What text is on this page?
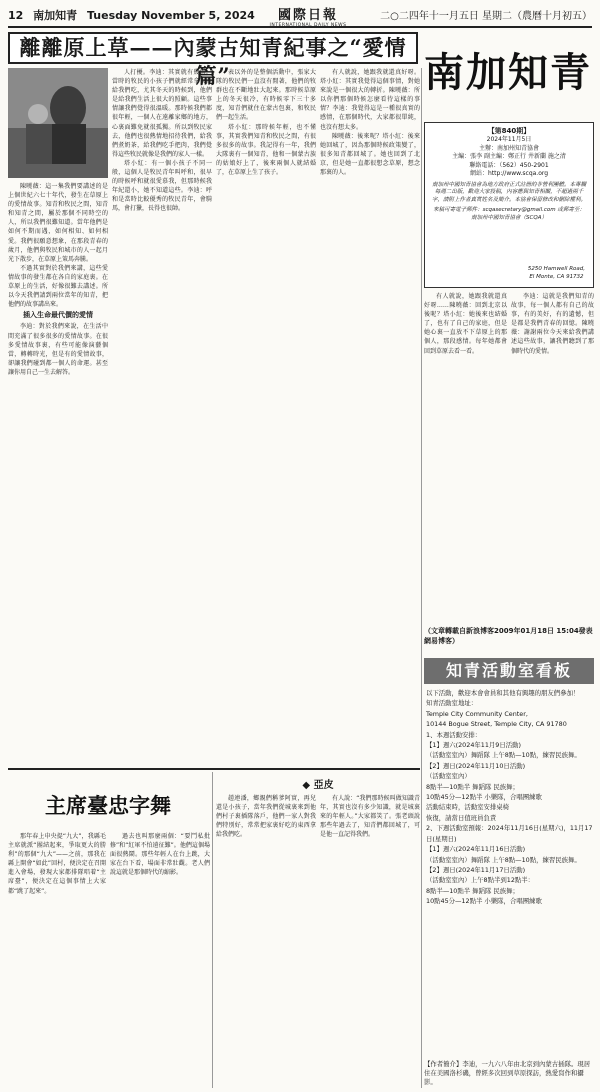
12 南加知青 Tuesday November 5, 2024	國際日報
INTERNATIONAL DAILY NEWS
二○二四年十一月五日 星期二（農曆十月初五）
離離原上草——內蒙古知青紀事之“愛情篇”	南加知青

陳曉薇：這一集我們要講述的是上個世紀六七十年代，發生在草原上的愛情故事。知青和牧民之間，知青和知青之間，屬於那個不同時空的人，所以我們很難知道。當年他們是如何不期而遇，如何相知、如何相愛。我們很願意想象，在那段青春的歲月，他們與牧民和城市的人一起月光下散步，在草原上策馬奔騰。

不過其實對於我們來講，這些愛情故事的發生都在各自的家庭裏。在草原上的生活，好像很難去講述。所以今天我們請到兩位當年的知青，把他們的故事講出來。

插入生命最代價的愛情

李迪：對於我們來說，在生活中間充滿了很多很多的愛情故事。在很多愛情故事裏，有些可能像演藝個當，轉轉時光，但是有的愛情故事，卻讓我們碰到都一個人的命運。甚至讓你用自己一生去解答。

人打擾。李迪：其實就有幾個，當時的牧民的小孩子們就經常拿東西給我們吃，尤其冬天的時候到，他們是給我們生活上很大的照顧。這些事情讓我們覺得很溫暖。那時候我們都很年輕，一個人在遠離家鄉的地方，心裏面難免就很孤獨。所以到牧民家去，他們也很熱情地招待我們，給我們煮奶茶，給我們吃手把肉，我們覺得這些牧民就像是我們的家人一樣。

塔小紅：有一個小孩子不同一般，這個人是牧民青年叫呼和，很早的時候呼和就很愛慕我，但那時候我年紀還小，她不知道這些。李迪：呼和是當時比較優秀的牧民青年，會騎馬，會打獵，長得也很帥。

表以外的是整個活動中，張家大隊的牧民們一直沒有閒著，他們的牧群也在不斷地壯大起來。那時候草原上的冬天很冷，有時候零下三十多度，知青們就住在蒙古包裏，和牧民們一起生活。

塔小紅：那時候年輕，也不懂事，其實我們知青和牧民之間，有很多很多的故事。我記得有一年，我們大隊裏有一個知青，他和一個蒙古族的姑娘好上了，後來兩個人就結婚了，在草原上生了孩子。

有人就說，她跟我就還真好呀。塔小紅：其實我覺得這個事情，對她來說是一個很大的轉折。陳曉薇：所以你們那個時候怎麼看待這樣的事情？李迪：我覺得這是一種很真實的感情，在那個時代，大家都很單純，也沒有想太多。

陳曉薇：後來呢？塔小紅：後來她回城了，因為那個時候政策變了，很多知青都回城了。她也回到了北京，但是她一直都很想念草原，想念那裏的人。

【第840期】
2024年11月5日
主辦：南加州知青協會
主編：張李 副主編：鄭正行 井新蘭 施之清
聯絡電話：（562）450-2901
網站：http://www.scqa.org
南加州中國知青協會為地方政府正式註冊的非營利團體。本專欄每週二出版，歡迎大家投稿，內容應與知青相關，不超過兩千字，請附上作者真實姓名及簡介。本協會保留修改和刪除權利。
來稿可寄電子郵件：scqasecretary@gmail.com 或郵寄至：南加州中國知青協會（SCQA）
5250 Hamwell Road,
El Monte, CA 91732

有人就說，她跟我就還真好呀……陳曉薇：回到北京以後呢？塔小紅：她後來也結婚了，也有了自己的家庭，但是她心裏一直放不下草原上的那個人，那段感情。每年她都會回到草原去看一看。

李迪：這就是我們知青的故事，每一個人都有自己的故事，有的美好，有的遺憾，但是都是我們青春的回憶。陳曉薇：謝謝兩位今天來給我們講述這些故事，讓我們聽到了那個時代的愛情。

（文章轉載自新浪博客2009年01月18日 15:04發表網易博客）
知青活動室看板
以下活動，歡迎本會會員和其他有興趣的朋友們參加！
知青活動室地址：
Temple City Community Center,
10144 Bogue Street, Temple City, CA 91780
1、本週活動安排：
【1】週六(2024年11月9日活動)
（活動室室內）舞蹈隊 上午8點—10點，練習民族舞。
【2】週日(2024年11月10日活動)
（活動室室內）
8點半—10點半 舞蹈隊 民族舞；
10點45分—12點半 小樂隊，合唱團練歌
活動結束時，活動室安排桌椅
恢復，請當日值班員負責
2、下週活動室預報：2024年11月16日(星期六)，11月17日(星期日)
【1】週六(2024年11月16日活動)
（活動室室內）舞蹈隊 上午8點—10點，練習民族舞。
【2】週日(2024年11月17日活動)
（活動室室內）上午8點半到12點半：
8點半—10點半 舞蹈隊 民族舞；
10點45分—12點半 小樂隊，合唱團練歌
主席臺忠字舞

那年春上申央提“九大”，我縣毛主席就派“團結起來，爭取更大的勝利”的那個“九大”——之前，那我在縣上開會“如此”回村，便決定在召開進入會場，發現大家都排隊唱着“主席臺”，便決定在這個事情上大家都“跳了起來”。

過去也叫那麼兩個：“要鬥私批修”和“紅軍不怕遠征難”。他們這個場面很熱鬧。那些年輕人在台上跳，大家在台下看，場面非常壯觀。老人們說這就是那個時代的縮影。

◆ 亞皮

趙連潘，鄉親們稱爹阿實，再兒還是小孩子，當年我們從城裏來到他們村子裏插隊落戶，他們一家人對我們特別好，常常把家裏好吃的東西拿給我們吃。

有人說：“我們那時候叫做知識青年，其實也沒有多少知識，就是城裏來的年輕人。”大家都笑了。張老頭說那些年過去了，知青們都回城了，可是他一直記得我們。

【作者簡介】李迪，一九六八年由北京到內蒙古插隊。現居住在美國洛杉磯，曾經多次回到草原探訪，熱愛寫作和攝影。
